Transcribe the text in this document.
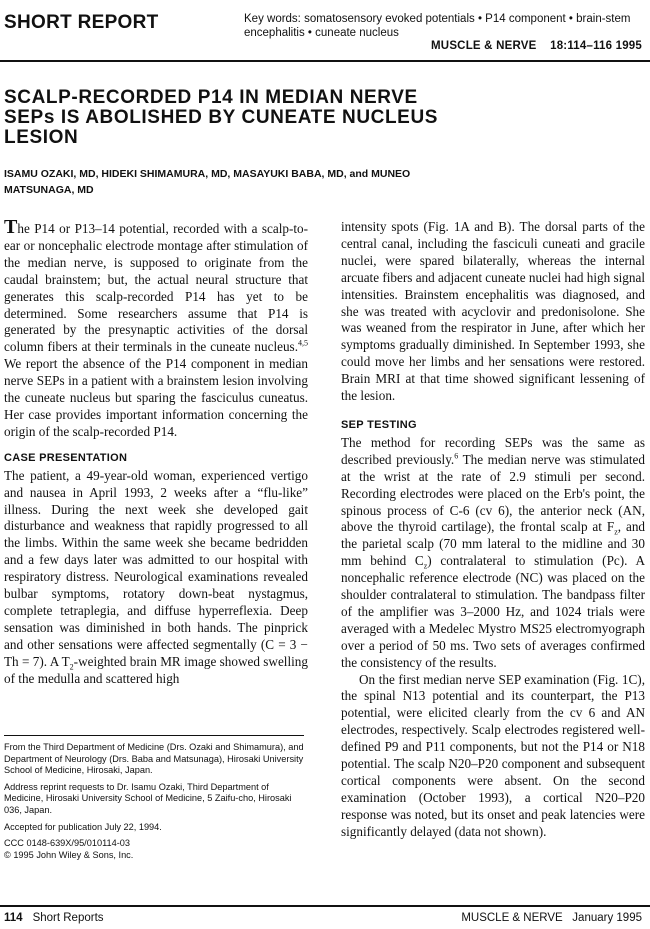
SHORT REPORT	Key words: somatosensory evoked potentials • P14 component • brain-stem encephalitis • cuneate nucleus
MUSCLE & NERVE 18:114–116 1995
SCALP-RECORDED P14 IN MEDIAN NERVE SEPs IS ABOLISHED BY CUNEATE NUCLEUS LESION
ISAMU OZAKI, MD, HIDEKI SHIMAMURA, MD, MASAYUKI BABA, MD, and MUNEO MATSUNAGA, MD

The P14 or P13–14 potential, recorded with a scalp-to-ear or noncephalic electrode montage after stimulation of the median nerve, is supposed to originate from the caudal brainstem; but, the actual neural structure that generates this scalp-recorded P14 has yet to be determined. Some researchers assume that P14 is generated by the presynaptic activities of the dorsal column fibers at their terminals in the cuneate nucleus.$^{4,5}$ We report the absence of the P14 component in median nerve SEPs in a patient with a brainstem lesion involving the cuneate nucleus but sparing the fasciculus cuneatus. Her case provides important information concerning the origin of the scalp-recorded P14.

CASE PRESENTATION

The patient, a 49-year-old woman, experienced vertigo and nausea in April 1993, 2 weeks after a “flu-like” illness. During the next week she developed gait disturbance and weakness that rapidly progressed to all the limbs. Within the same week she became bedridden and a few days later was admitted to our hospital with respiratory distress. Neurological examinations revealed bulbar symptoms, rotatory down-beat nystagmus, complete tetraplegia, and diffuse hyperreflexia. Deep sensation was diminished in both hands. The pinprick and other sensations were affected segmentally (C = 3 − Th = 7). A $T_2$-weighted brain MR image showed swelling of the medulla and scattered high

intensity spots (Fig. 1A and B). The dorsal parts of the central canal, including the fasciculi cuneati and gracile nuclei, were spared bilaterally, whereas the internal arcuate fibers and adjacent cuneate nuclei had high signal intensities. Brainstem encephalitis was diagnosed, and she was treated with acyclovir and predonisolone. She was weaned from the respirator in June, after which her symptoms gradually diminished. In September 1993, she could move her limbs and her sensations were restored. Brain MRI at that time showed significant lessening of the lesion.

SEP TESTING

The method for recording SEPs was the same as described previously.$^6$ The median nerve was stimulated at the wrist at the rate of 2.9 stimuli per second. Recording electrodes were placed on the Erb's point, the spinous process of C-6 (cv 6), the anterior neck (AN, above the thyroid cartilage), the frontal scalp at $F_z$, and the parietal scalp (70 mm lateral to the midline and 30 mm behind $C_z$) contralateral to stimulation (Pc). A noncephalic reference electrode (NC) was placed on the shoulder contralateral to stimulation. The bandpass filter of the amplifier was 3–2000 Hz, and 1024 trials were averaged with a Medelec Mystro MS25 electromyograph over a period of 50 ms. Two sets of averages confirmed the consistency of the results.

On the first median nerve SEP examination (Fig. 1C), the spinal N13 potential and its counterpart, the P13 potential, were elicited clearly from the cv 6 and AN electrodes, respectively. Scalp electrodes registered well-defined P9 and P11 components, but not the P14 or N18 potential. The scalp N20–P20 component and subsequent cortical components were absent. On the second examination (October 1993), a cortical N20–P20 response was noted, but its onset and peak latencies were significantly delayed (data not shown).

From the Third Department of Medicine (Drs. Ozaki and Shimamura), and Department of Neurology (Drs. Baba and Matsunaga), Hirosaki University School of Medicine, Hirosaki, Japan.

Address reprint requests to Dr. Isamu Ozaki, Third Department of Medicine, Hirosaki University School of Medicine, 5 Zaifu-cho, Hirosaki 036, Japan.

Accepted for publication July 22, 1994.

CCC 0148-639X/95/010114-03

© 1995 John Wiley & Sons, Inc.

114 Short Reports	MUSCLE & NERVE   January 1995
